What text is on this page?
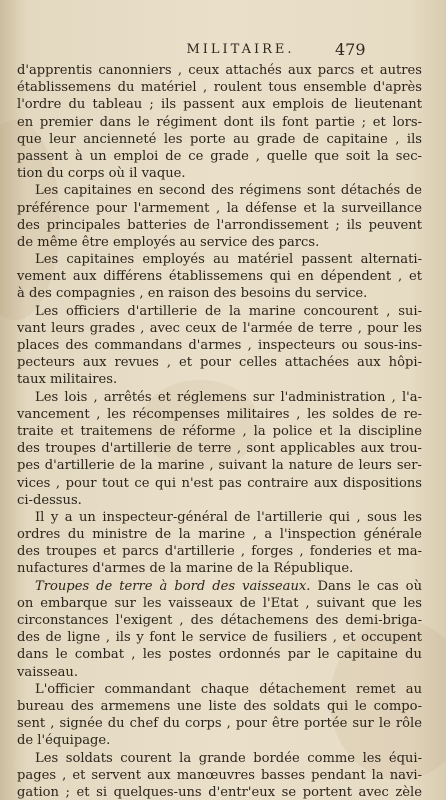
MILITAIRE.	479
d'apprentis canonniers , ceux attachés aux parcs et autres
établissemens du matériel , roulent tous ensemble d'après
l'ordre du tableau ; ils passent aux emplois de lieutenant
en premier dans le régiment dont ils font partie ; et lors-
que leur ancienneté les porte au grade de capitaine , ils
passent à un emploi de ce grade , quelle que soit la sec-
tion du corps où il vaque.
Les capitaines en second des régimens sont détachés de
préférence pour l'armement , la défense et la surveillance
des principales batteries de l'arrondissement ; ils peuvent
de même être employés au service des parcs.
Les capitaines employés au matériel passent alternati-
vement aux différens établissemens qui en dépendent , et
à des compagnies , en raison des besoins du service.
Les officiers d'artillerie de la marine concourent , sui-
vant leurs grades , avec ceux de l'armée de terre , pour les
places des commandans d'armes , inspecteurs ou sous-ins-
pecteurs aux revues , et pour celles attachées aux hôpi-
taux militaires.
Les lois , arrêtés et réglemens sur l'administration , l'a-
vancement , les récompenses militaires , les soldes de re-
traite et traitemens de réforme , la police et la discipline
des troupes d'artillerie de terre , sont applicables aux trou-
pes d'artillerie de la marine , suivant la nature de leurs ser-
vices , pour tout ce qui n'est pas contraire aux dispositions
ci-dessus.
Il y a un inspecteur-général de l'artillerie qui , sous les
ordres du ministre de la marine , a l'inspection générale
des troupes et parcs d'artillerie , forges , fonderies et ma-
nufactures d'armes de la marine de la République.
Troupes de terre à bord des vaisseaux. Dans le cas où
on embarque sur les vaisseaux de l'Etat , suivant que les
circonstances l'exigent , des détachemens des demi-briga-
des de ligne , ils y font le service de fusiliers , et occupent
dans le combat , les postes ordonnés par le capitaine du
vaisseau.
L'officier commandant chaque détachement remet au
bureau des armemens une liste des soldats qui le compo-
sent , signée du chef du corps , pour être portée sur le rôle
de l'équipage.
Les soldats courent la grande bordée comme les équi-
pages , et servent aux manœuvres basses pendant la navi-
gation ; et si quelques-uns d'entr'eux se portent avec zèle
